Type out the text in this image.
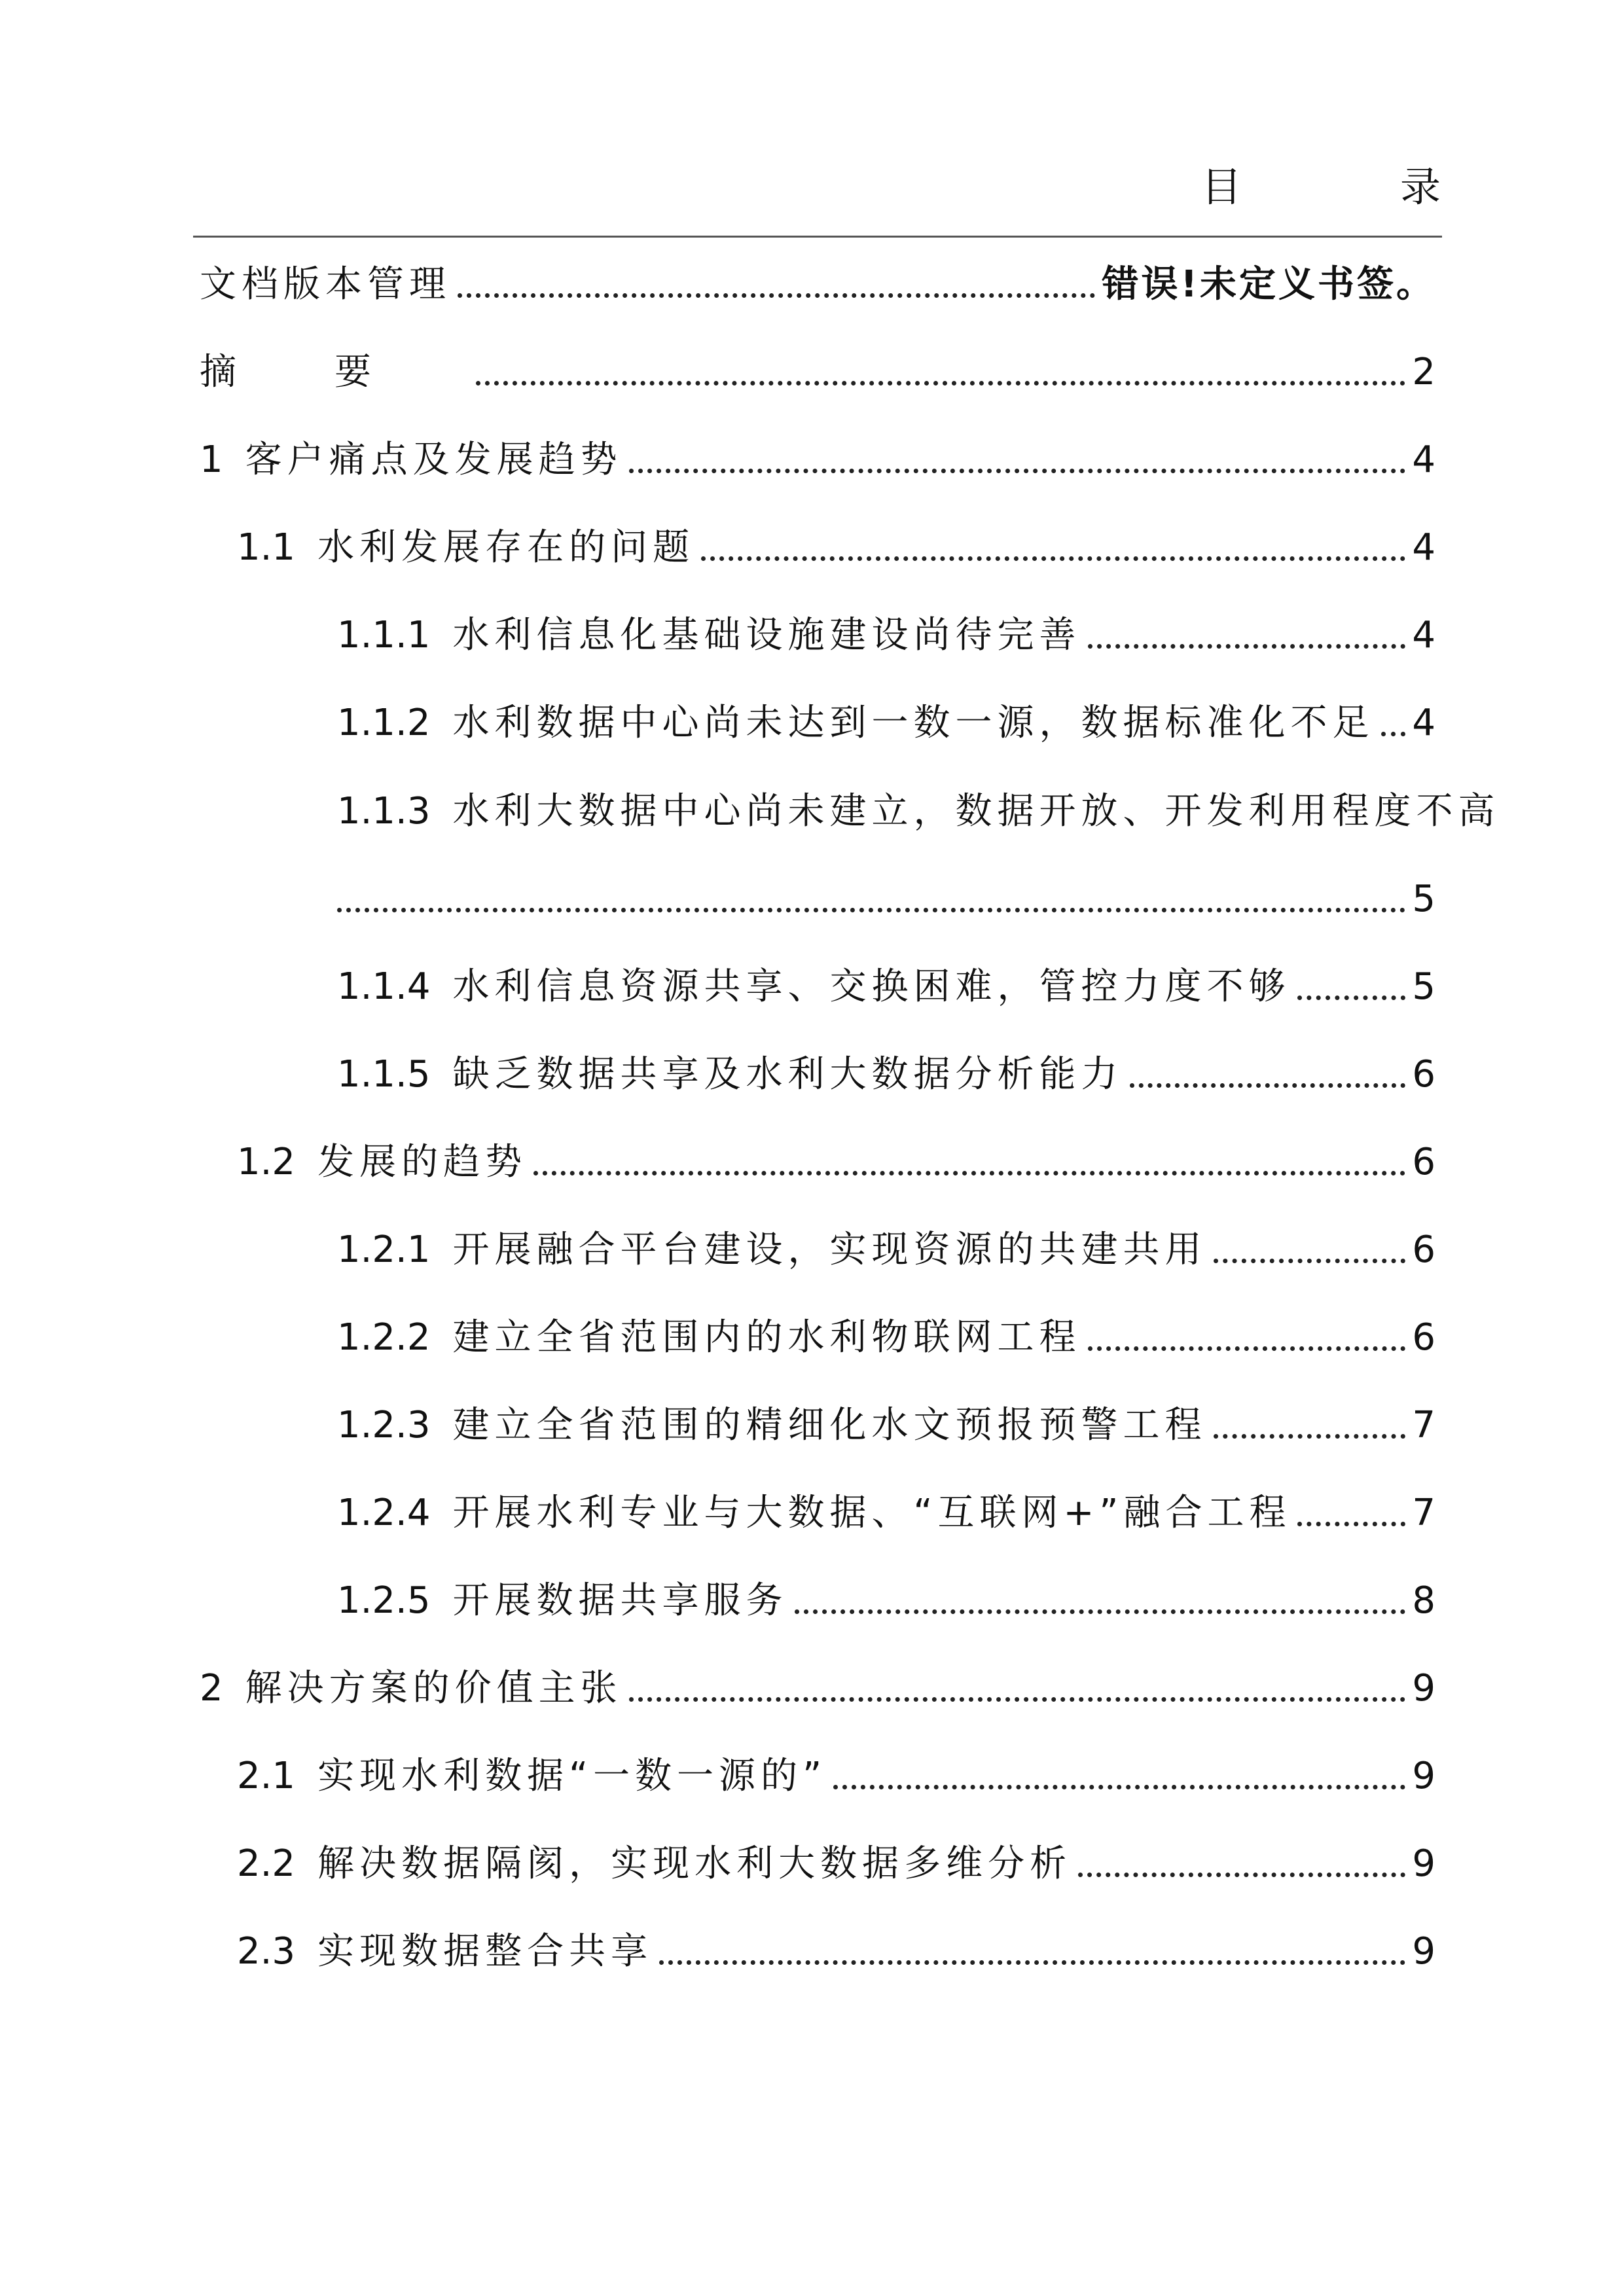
目　录
文档版本管理	错误!未定义书签。
摘要	2
1 客户痛点及发展趋势	4
1.1 水利发展存在的问题	4
1.1.1 水利信息化基础设施建设尚待完善	4
1.1.2 水利数据中心尚未达到一数一源，数据标准化不足 4
1.1.3 水利大数据中心尚未建立，数据开放、开发利用程度不高
5
1.1.4 水利信息资源共享、交换困难，管控力度不够	5
1.1.5 缺乏数据共享及水利大数据分析能力	6
1.2 发展的趋势	6
1.2.1 开展融合平台建设，实现资源的共建共用	6
1.2.2 建立全省范围内的水利物联网工程	6
1.2.3 建立全省范围的精细化水文预报预警工程	7
1.2.4 开展水利专业与大数据、“互联网+”融合工程	7
1.2.5 开展数据共享服务	8
2 解决方案的价值主张	9
2.1 实现水利数据“一数一源的”	9
2.2 解决数据隔阂，实现水利大数据多维分析	9
2.3 实现数据整合共享	9
